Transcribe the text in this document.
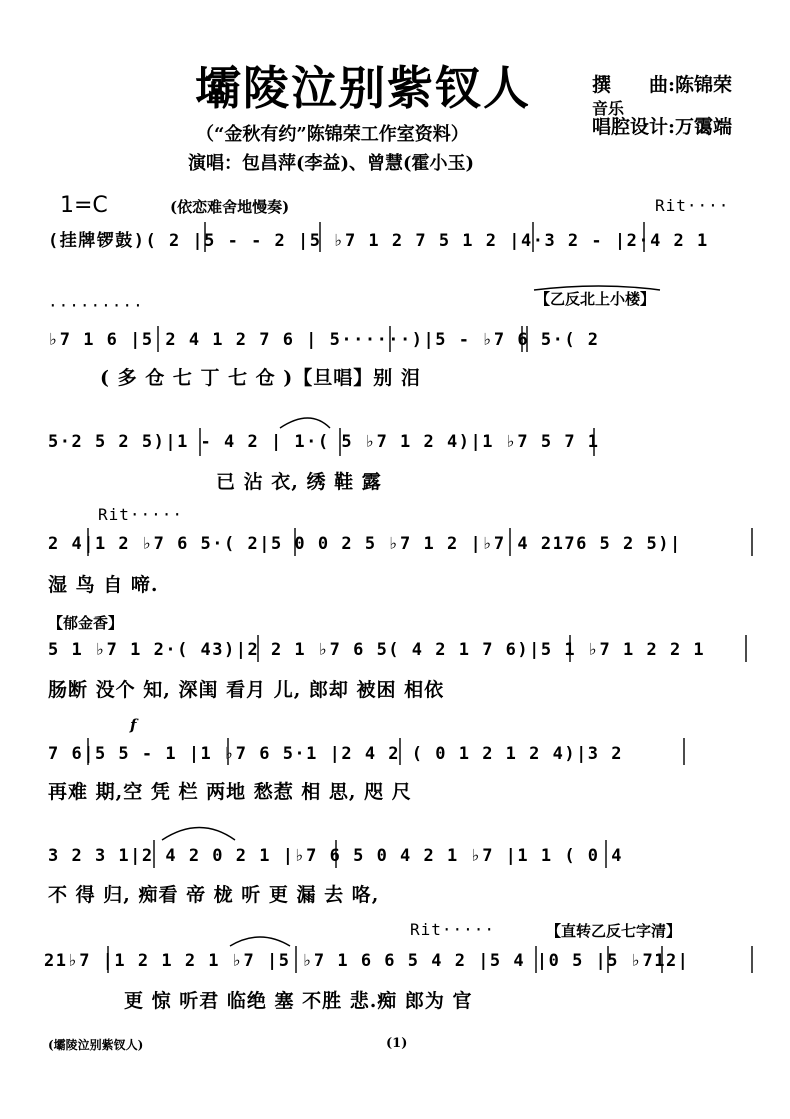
壩陵泣别紫钗人	撰　　曲:陈锦荣
音乐
唱腔设计:万霭端
（“金秋有约”陈锦荣工作室资料）
演唱：包昌萍(李益)、曾慧(霍小玉)
1=C	(依恋难舍地慢奏)	Rit····
(挂牌锣鼓)( 2 |5 - - 2 |5 ♭7 1 2 7 5 1 2 |4·3 2 - |2·4 2 1
·········	【乙反北上小楼】
♭7 1 6 |5 2 4 1 2 7 6 | 5······)|5 - ♭7 6 5·( 2
( 多 仓 七 丁 七 仓 )【旦唱】别 泪
5·2 5 2 5)|1 - 4 2 | 1·( 5 ♭7 1 2 4)|1 ♭7 5 7 1
已 沾 衣, 绣 鞋 露
Rit·····
2 4|1 2 ♭7 6 5·( 2|5 0 0 2 5 ♭7 1 2 |♭7 4 2176 5 2 5)|
湿 鸟 自 啼.
【郁金香】
5 1 ♭7 1 2·( 43)|2 2 1 ♭7 6 5( 4 2 1 7 6)|5 1 ♭7 1 2 2 1
肠断 没个 知, 深闺 看月 儿, 郎却 被困 相依
f
7 6|5 5 - 1 |1 ♭7 6 5·1 |2 4 2 ( 0 1 2 1 2 4)|3 2
再难 期,空 凭 栏 两地 愁惹 相 思, 咫 尺
3 2 3 1|2 4 2 0 2 1 |♭7 6 5 0 4 2 1 ♭7 |1 1 ( 0 4
不 得 归, 痴看 帝 栊 听 更 漏 去 咯,
Rit·····	【直转乙反七字清】
21♭7 |1 2 1 2 1 ♭7 |5 ♭7 1 6 6 5 4 2 |5 4 |0 5 |5 ♭712|
更 惊 听君 临绝 塞 不胜 悲.痴 郎为 官
(壩陵泣别紫钗人)	(1)
